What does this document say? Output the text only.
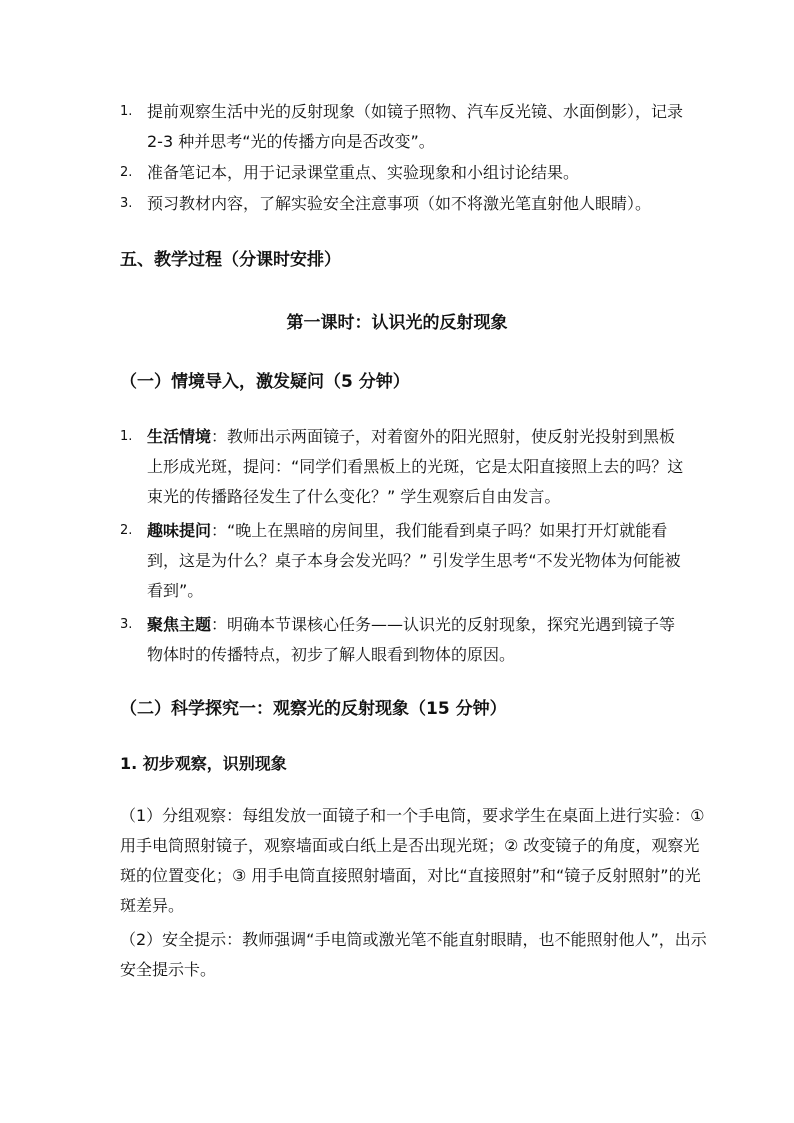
1. 提前观察生活中光的反射现象（如镜子照物、汽车反光镜、水面倒影），记录 2-3 种并思考“光的传播方向是否改变”。
2. 准备笔记本，用于记录课堂重点、实验现象和小组讨论结果。
3. 预习教材内容，了解实验安全注意事项（如不将激光笔直射他人眼睛）。
五、教学过程（分课时安排）
第一课时：认识光的反射现象
（一）情境导入，激发疑问（5 分钟）
1. 生活情境：教师出示两面镜子，对着窗外的阳光照射，使反射光投射到黑板上形成光斑，提问：“同学们看黑板上的光斑，它是太阳直接照上去的吗？这束光的传播路径发生了什么变化？” 学生观察后自由发言。
2. 趣味提问：“晚上在黑暗的房间里，我们能看到桌子吗？如果打开灯就能看到，这是为什么？桌子本身会发光吗？” 引发学生思考“不发光物体为何能被看到”。
3. 聚焦主题：明确本节课核心任务——认识光的反射现象，探究光遇到镜子等物体时的传播特点，初步了解人眼看到物体的原因。
（二）科学探究一：观察光的反射现象（15 分钟）
1. 初步观察，识别现象
（1）分组观察：每组发放一面镜子和一个手电筒，要求学生在桌面上进行实验：① 用手电筒照射镜子，观察墙面或白纸上是否出现光斑；② 改变镜子的角度，观察光斑的位置变化；③ 用手电筒直接照射墙面，对比“直接照射”和“镜子反射照射”的光斑差异。
（2）安全提示：教师强调“手电筒或激光笔不能直射眼睛，也不能照射他人”，出示安全提示卡。
